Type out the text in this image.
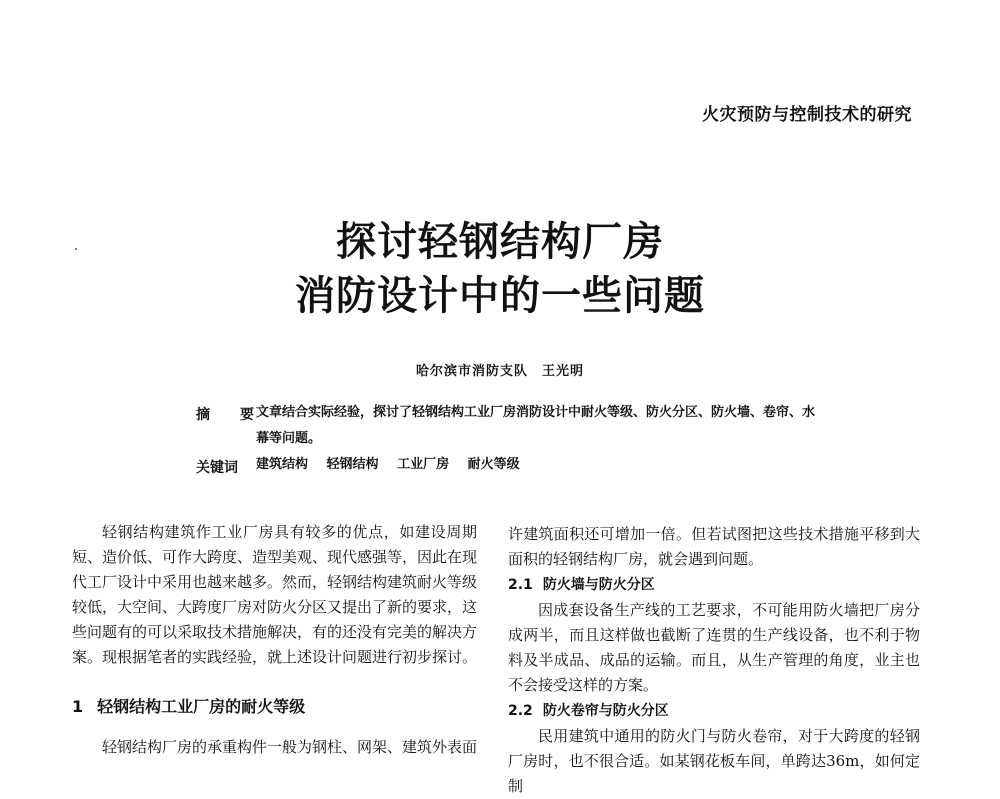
火灾预防与控制技术的研究
探讨轻钢结构厂房
消防设计中的一些问题
哈尔滨市消防支队　王光明
摘　要
文章结合实际经验，探讨了轻钢结构工业厂房消防设计中耐火等级、防火分区、防火墙、卷帘、水幕等问题。
关键词 建筑结构 轻钢结构 工业厂房 耐火等级

轻钢结构建筑作工业厂房具有较多的优点，如建设周期短、造价低、可作大跨度、造型美观、现代感强等，因此在现代工厂设计中采用也越来越多。然而，轻钢结构建筑耐火等级较低，大空间、大跨度厂房对防火分区又提出了新的要求，这些问题有的可以采取技术措施解决，有的还没有完美的解决方案。现根据笔者的实践经验，就上述设计问题进行初步探讨。

1 轻钢结构工业厂房的耐火等级
轻钢结构厂房的承重构件一般为钢柱、网架、建筑外表面

许建筑面积还可增加一倍。但若试图把这些技术措施平移到大面积的轻钢结构厂房，就会遇到问题。

2.1 防火墙与防火分区

因成套设备生产线的工艺要求，不可能用防火墙把厂房分成两半，而且这样做也截断了连贯的生产线设备，也不利于物料及半成品、成品的运输。而且，从生产管理的角度，业主也不会接受这样的方案。

2.2 防火卷帘与防火分区

民用建筑中通用的防火门与防火卷帘，对于大跨度的轻钢厂房时，也不很合适。如某钢花板车间，单跨达36m，如何定制
